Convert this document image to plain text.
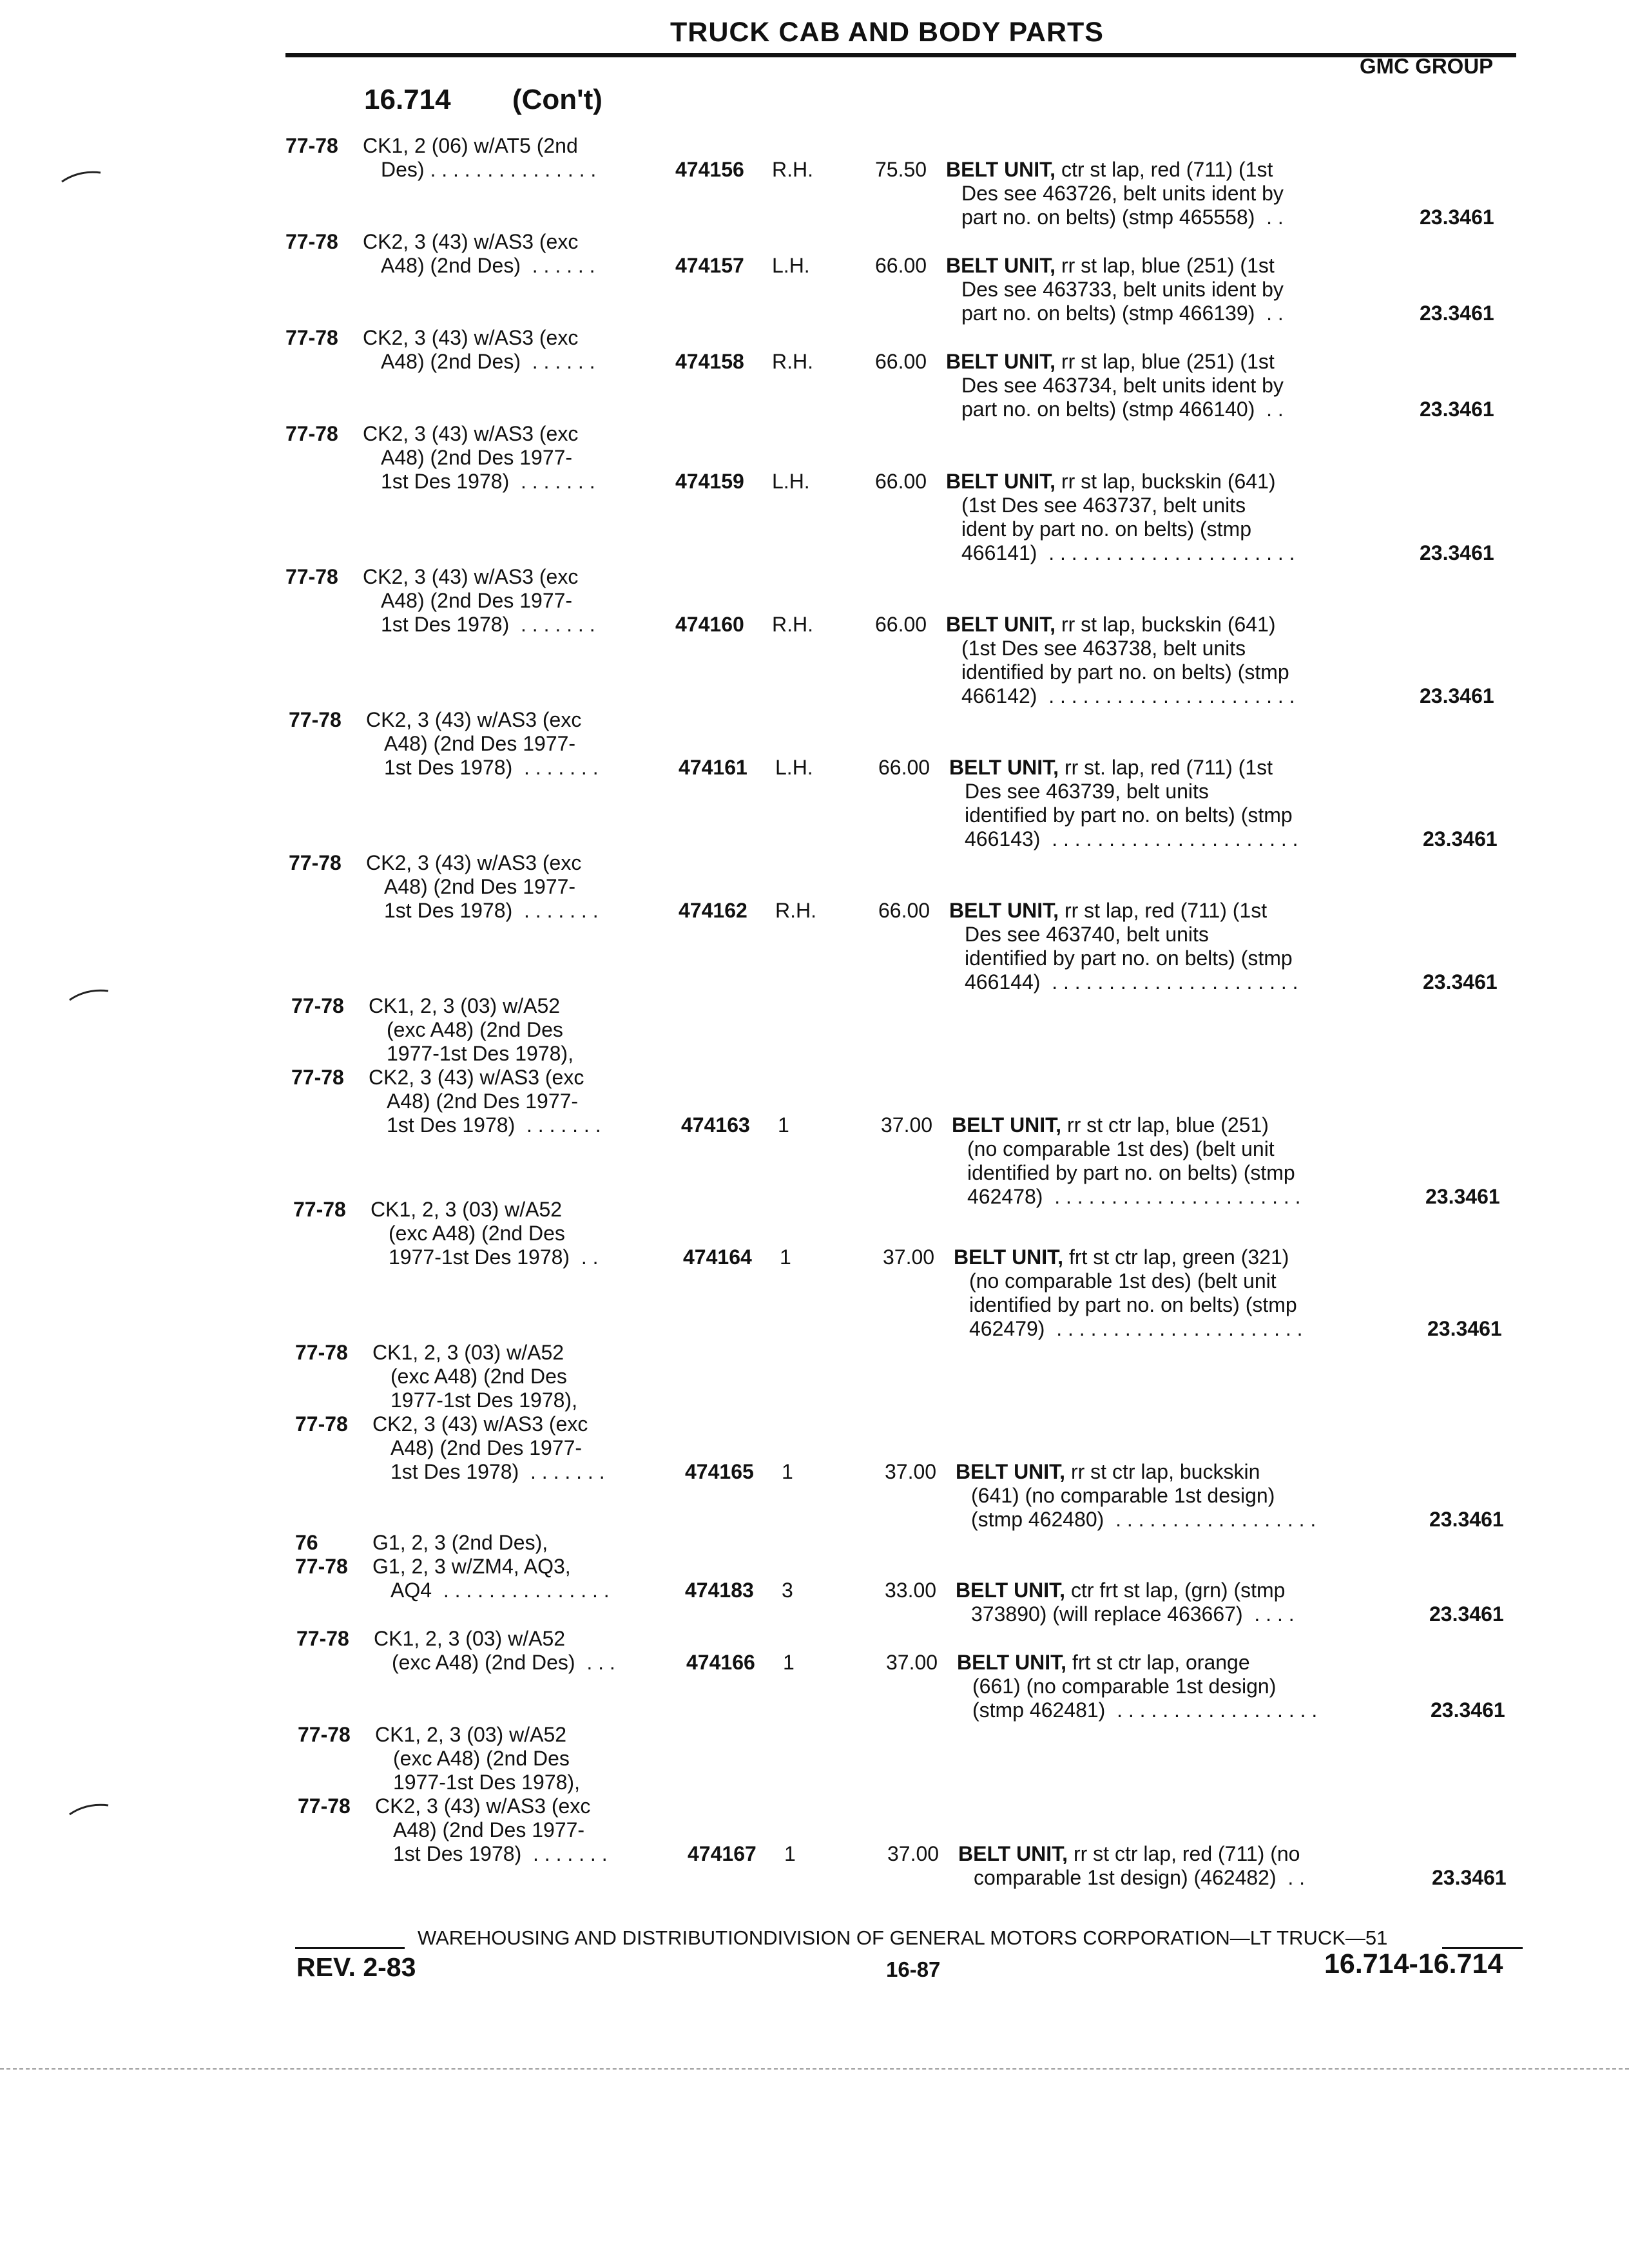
TRUCK CAB AND BODY PARTS
GMC GROUP
16.714 (Con't)
77-78 CK1, 2 (06) w/AT5 (2nd
Des) . . . . . . . . . . . . . . .	474156 R.H.	75.50 BELT UNIT, ctr st lap, red (711) (1st
Des see 463726, belt units ident by
part no. on belts) (stmp 465558)  . .	23.3461
77-78 CK2, 3 (43) w/AS3 (exc
A48) (2nd Des)  . . . . . .	474157 L.H.	66.00 BELT UNIT, rr st lap, blue (251) (1st
Des see 463733, belt units ident by
part no. on belts) (stmp 466139)  . .	23.3461
77-78 CK2, 3 (43) w/AS3 (exc
A48) (2nd Des)  . . . . . .	474158 R.H.	66.00 BELT UNIT, rr st lap, blue (251) (1st
Des see 463734, belt units ident by
part no. on belts) (stmp 466140)  . .	23.3461
77-78 CK2, 3 (43) w/AS3 (exc
A48) (2nd Des 1977-
1st Des 1978)  . . . . . . .	474159 L.H.	66.00 BELT UNIT, rr st lap, buckskin (641)
(1st Des see 463737, belt units
ident by part no. on belts) (stmp
466141)  . . . . . . . . . . . . . . . . . . . . . .	23.3461
77-78 CK2, 3 (43) w/AS3 (exc
A48) (2nd Des 1977-
1st Des 1978)  . . . . . . .	474160 R.H.	66.00 BELT UNIT, rr st lap, buckskin (641)
(1st Des see 463738, belt units
identified by part no. on belts) (stmp
466142)  . . . . . . . . . . . . . . . . . . . . . .	23.3461
77-78 CK2, 3 (43) w/AS3 (exc
A48) (2nd Des 1977-
1st Des 1978)  . . . . . . .	474161 L.H.	66.00 BELT UNIT, rr st. lap, red (711) (1st
Des see 463739, belt units
identified by part no. on belts) (stmp
466143)  . . . . . . . . . . . . . . . . . . . . . .	23.3461
77-78 CK2, 3 (43) w/AS3 (exc
A48) (2nd Des 1977-
1st Des 1978)  . . . . . . .	474162 R.H.	66.00 BELT UNIT, rr st lap, red (711) (1st
Des see 463740, belt units
identified by part no. on belts) (stmp
466144)  . . . . . . . . . . . . . . . . . . . . . .	23.3461
77-78 CK1, 2, 3 (03) w/A52
(exc A48) (2nd Des
1977-1st Des 1978),
77-78 CK2, 3 (43) w/AS3 (exc
A48) (2nd Des 1977-
1st Des 1978)  . . . . . . .	474163 1	37.00 BELT UNIT, rr st ctr lap, blue (251)
(no comparable 1st des) (belt unit
identified by part no. on belts) (stmp
462478)  . . . . . . . . . . . . . . . . . . . . . .	23.3461
77-78 CK1, 2, 3 (03) w/A52
(exc A48) (2nd Des
1977-1st Des 1978)  . .	474164 1	37.00 BELT UNIT, frt st ctr lap, green (321)
(no comparable 1st des) (belt unit
identified by part no. on belts) (stmp
462479)  . . . . . . . . . . . . . . . . . . . . . .	23.3461
77-78 CK1, 2, 3 (03) w/A52
(exc A48) (2nd Des
1977-1st Des 1978),
77-78 CK2, 3 (43) w/AS3 (exc
A48) (2nd Des 1977-
1st Des 1978)  . . . . . . .	474165 1	37.00 BELT UNIT, rr st ctr lap, buckskin
(641) (no comparable 1st design)
(stmp 462480)  . . . . . . . . . . . . . . . . . .	23.3461
76	G1, 2, 3 (2nd Des),
77-78 G1, 2, 3 w/ZM4, AQ3,
AQ4  . . . . . . . . . . . . . . .	474183 3	33.00 BELT UNIT, ctr frt st lap, (grn) (stmp
373890) (will replace 463667)  . . . .	23.3461
77-78 CK1, 2, 3 (03) w/A52
(exc A48) (2nd Des)  . . .	474166 1	37.00 BELT UNIT, frt st ctr lap, orange
(661) (no comparable 1st design)
(stmp 462481)  . . . . . . . . . . . . . . . . . .	23.3461
77-78 CK1, 2, 3 (03) w/A52
(exc A48) (2nd Des
1977-1st Des 1978),
77-78 CK2, 3 (43) w/AS3 (exc
A48) (2nd Des 1977-
1st Des 1978)  . . . . . . .	474167 1	37.00 BELT UNIT, rr st ctr lap, red (711) (no
comparable 1st design) (462482)  . .	23.3461
WAREHOUSING AND DISTRIBUTIONDIVISION OF GENERAL MOTORS CORPORATION—LT TRUCK—51
REV. 2-83	16-87	16.714-16.714
